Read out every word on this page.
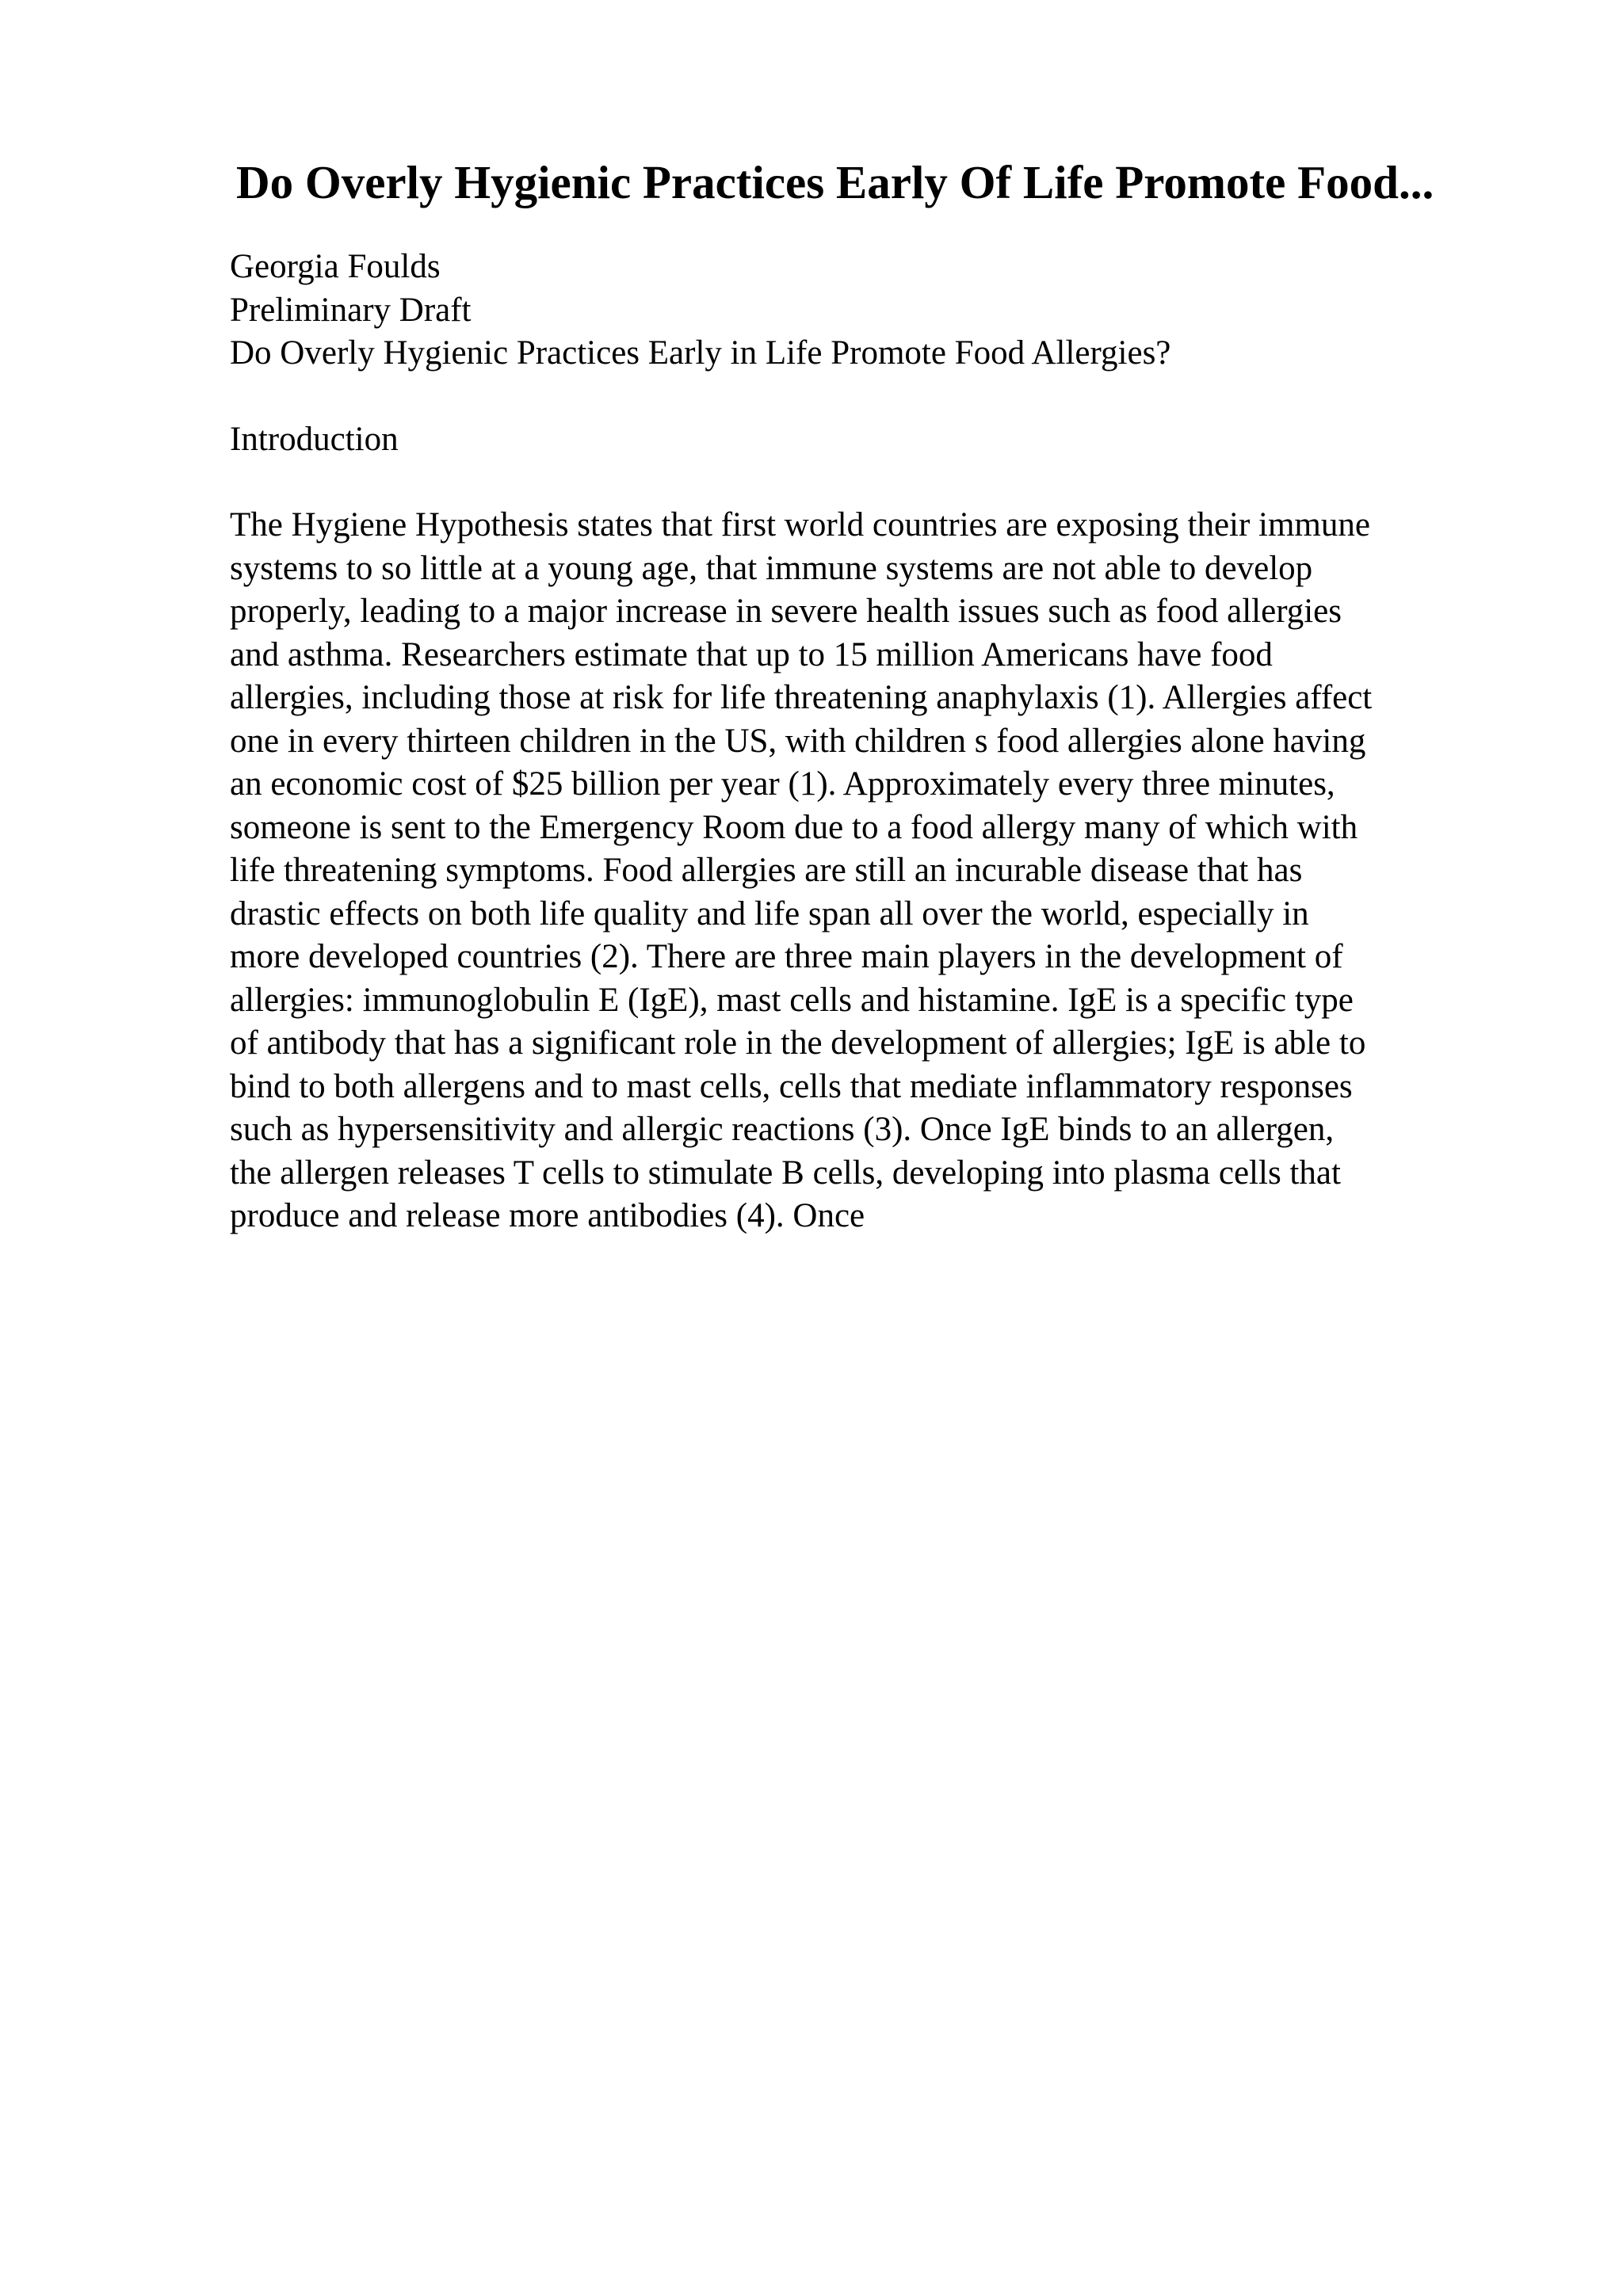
Do Overly Hygienic Practices Early Of Life Promote Food...
Georgia Foulds
Preliminary Draft
Do Overly Hygienic Practices Early in Life Promote Food Allergies?
Introduction
The Hygiene Hypothesis states that first world countries are exposing their immune
systems to so little at a young age, that immune systems are not able to develop
properly, leading to a major increase in severe health issues such as food allergies
and asthma. Researchers estimate that up to 15 million Americans have food
allergies, including those at risk for life threatening anaphylaxis (1). Allergies affect
one in every thirteen children in the US, with children s food allergies alone having
an economic cost of $25 billion per year (1). Approximately every three minutes,
someone is sent to the Emergency Room due to a food allergy many of which with
life threatening symptoms. Food allergies are still an incurable disease that has
drastic effects on both life quality and life span all over the world, especially in
more developed countries (2). There are three main players in the development of
allergies: immunoglobulin E (IgE), mast cells and histamine. IgE is a specific type
of antibody that has a significant role in the development of allergies; IgE is able to
bind to both allergens and to mast cells, cells that mediate inflammatory responses
such as hypersensitivity and allergic reactions (3). Once IgE binds to an allergen,
the allergen releases T cells to stimulate B cells, developing into plasma cells that
produce and release more antibodies (4). Once
